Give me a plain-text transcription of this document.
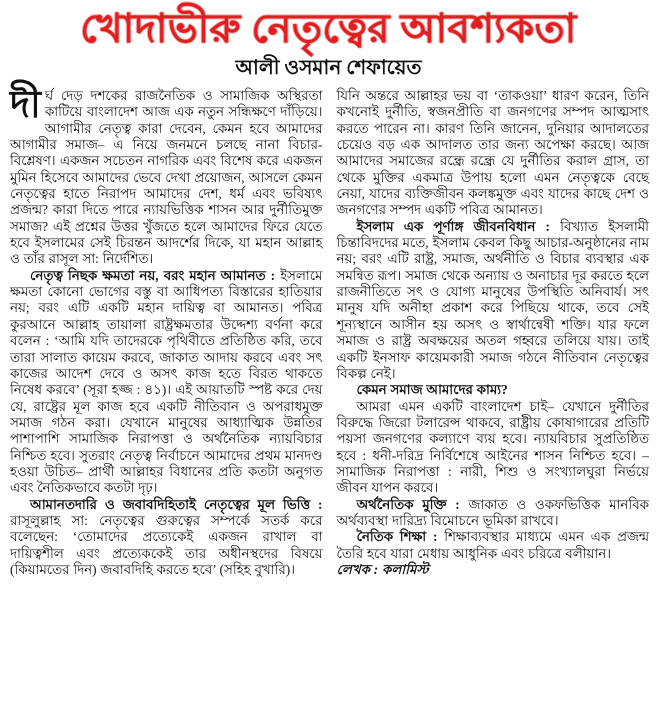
খোদাভীরু নেতৃত্বের আবশ্যকতা
আলী ওসমান শেফায়েত

দীর্ঘ দেড় দশকের রাজনৈতিক ও সামাজিক অস্থিরতা কাটিয়ে বাংলাদেশ আজ এক নতুন সন্ধিক্ষণে দাঁড়িয়ে। আগামীর নেতৃত্ব কারা দেবেন, কেমন হবে আমাদের আগামীর সমাজ– এ নিয়ে জনমনে চলছে নানা বিচার-বিশ্লেষণ। একজন সচেতন নাগরিক এবং বিশেষ করে একজন মুমিন হিসেবে আমাদের ভেবে দেখা প্রয়োজন, আসলে কেমন নেতৃত্বের হাতে নিরাপদ আমাদের দেশ, ধর্ম এবং ভবিষ্যৎ প্রজন্ম? কারা দিতে পারে ন্যায়ভিত্তিক শাসন আর দুর্নীতিমুক্ত সমাজ? এই প্রশ্নের উত্তর খুঁজতে হলে আমাদের ফিরে যেতে হবে ইসলামের সেই চিরন্তন আদর্শের দিকে, যা মহান আল্লাহ ও তাঁর রাসূল সা: নির্দেশিত।

নেতৃত্ব নিছক ক্ষমতা নয়, বরং মহান আমানত : ইসলামে ক্ষমতা কোনো ভোগের বস্তু বা আধিপত্য বিস্তারের হাতিয়ার নয়; বরং এটি একটি মহান দায়িত্ব বা আমানত। পবিত্র কুরআনে আল্লাহ তায়ালা রাষ্ট্রক্ষমতার উদ্দেশ্য বর্ণনা করে বলেন : ‘আমি যদি তাদেরকে পৃথিবীতে প্রতিষ্ঠিত করি, তবে তারা সালাত কায়েম করবে, জাকাত আদায় করবে এবং সৎ কাজের আদেশ দেবে ও অসৎ কাজ হতে বিরত থাকতে নিষেধ করবে’ (সূরা হজ্জ : ৪১)। এই আয়াতটি স্পষ্ট করে দেয় যে, রাষ্ট্রের মূল কাজ হবে একটি নীতিবান ও অপরাধমুক্ত সমাজ গঠন করা। যেখানে মানুষের আধ্যাত্মিক উন্নতির পাশাপাশি সামাজিক নিরাপত্তা ও অর্থনৈতিক ন্যায়বিচার নিশ্চিত হবে। সুতরাং নেতৃত্ব নির্বাচনে আমাদের প্রথম মানদণ্ড হওয়া উচিত– প্রার্থী আল্লাহর বিধানের প্রতি কতটা অনুগত এবং নৈতিকভাবে কতটা দৃঢ়।

আমানতদারি ও জবাবদিহিতাই নেতৃত্বের মূল ভিত্তি : রাসূলুল্লাহ সা: নেতৃত্বের গুরুত্বের সম্পর্কে সতর্ক করে বলেছেন: ‘তোমাদের প্রত্যেকেই একজন রাখাল বা দায়িত্বশীল এবং প্রত্যেককেই তার অধীনস্থদের বিষয়ে (কিয়ামতের দিন) জবাবদিহি করতে হবে’ (সহিহ বুখারি)।

যিনি অন্তরে আল্লাহর ভয় বা ‘তাকওয়া’ ধারণ করেন, তিনি কখনোই দুর্নীতি, স্বজনপ্রীতি বা জনগণের সম্পদ আত্মসাৎ করতে পারেন না। কারণ তিনি জানেন, দুনিয়ার আদালতের চেয়েও বড় এক আদালত তার জন্য অপেক্ষা করছে। আজ আমাদের সমাজের রন্ধ্রে রন্ধ্রে যে দুর্নীতির করাল গ্রাস, তা থেকে মুক্তির একমাত্র উপায় হলো এমন নেতৃত্বকে বেছে নেয়া, যাদের ব্যক্তিজীবন কলঙ্কমুক্ত এবং যাদের কাছে দেশ ও জনগণের সম্পদ একটি পবিত্র আমানত।

ইসলাম এক পূর্ণাঙ্গ জীবনবিধান : বিখ্যাত ইসলামী চিন্তাবিদদের মতে, ইসলাম কেবল কিছু আচার-অনুষ্ঠানের নাম নয়; বরং এটি রাষ্ট্র, সমাজ, অর্থনীতি ও বিচার ব্যবস্থার এক সমন্বিত রূপ। সমাজ থেকে অন্যায় ও অনাচার দূর করতে হলে রাজনীতিতে সৎ ও যোগ্য মানুষের উপস্থিতি অনিবার্য। সৎ মানুষ যদি অনীহা প্রকাশ করে পিছিয়ে থাকে, তবে সেই শূন্যস্থানে আসীন হয় অসৎ ও স্বার্থান্বেষী শক্তি। যার ফলে সমাজ ও রাষ্ট্র অবক্ষয়ের অতল গহ্বরে তলিয়ে যায়। তাই একটি ইনসাফ কায়েমকারী সমাজ গঠনে নীতিবান নেতৃত্বের বিকল্প নেই।

কেমন সমাজ আমাদের কাম্য?

আমরা এমন একটি বাংলাদেশ চাই– যেখানে দুর্নীতির বিরুদ্ধে জিরো টলারেন্স থাকবে, রাষ্ট্রীয় কোষাগারের প্রতিটি পয়সা জনগণের কল্যাণে ব্যয় হবে। ন্যায়বিচার সুপ্রতিষ্ঠিত হবে : ধনী-দরিদ্র নির্বিশেষে আইনের শাসন নিশ্চিত হবে। – সামাজিক নিরাপত্তা : নারী, শিশু ও সংখ্যালঘুরা নির্ভয়ে জীবন যাপন করবে।

অর্থনৈতিক মুক্তি : জাকাত ও ওকফভিত্তিক মানবিক অর্থব্যবস্থা দারিদ্র্য বিমোচনে ভূমিকা রাখবে।

নৈতিক শিক্ষা : শিক্ষাব্যবস্থার মাধ্যমে এমন এক প্রজন্ম তৈরি হবে যারা মেধায় আধুনিক এবং চরিত্রে বলীয়ান।

লেখক : কলামিস্ট
